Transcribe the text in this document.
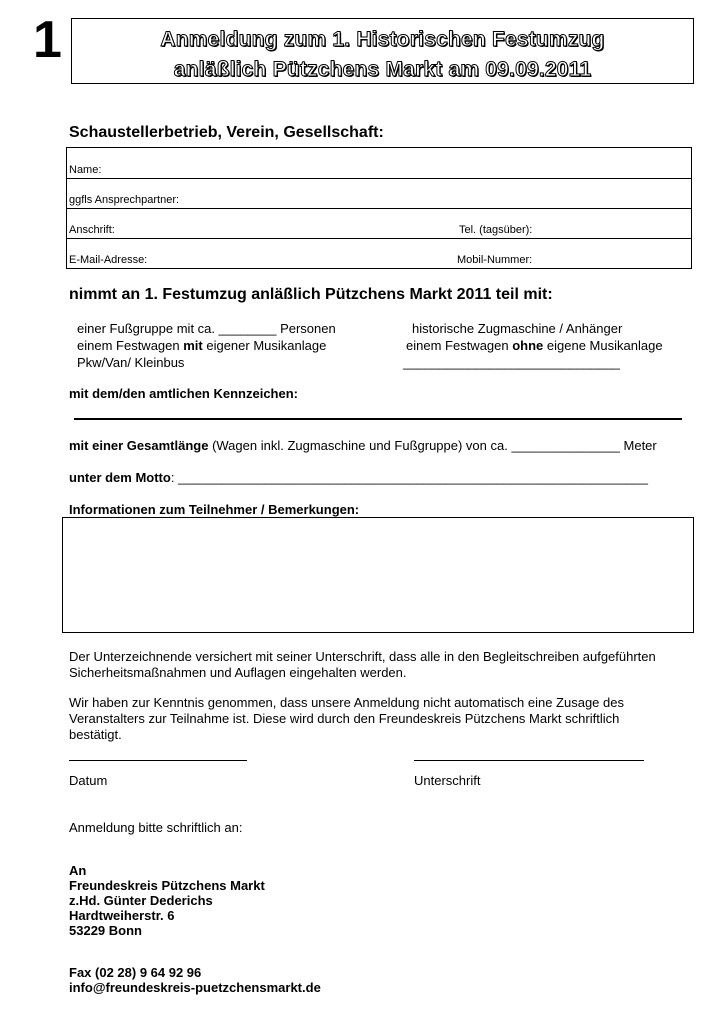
1	Anmeldung zum 1. Historischen Festumzug
anläßlich Pützchens Markt am 09.09.2011
Schaustellerbetrieb, Verein, Gesellschaft:
Name:
ggfls Ansprechpartner:
Anschrift:	Tel. (tagsüber):
E-Mail-Adresse:	Mobil-Nummer:
nimmt an 1. Festumzug anläßlich Pützchens Markt 2011 teil mit:
einer Fußgruppe mit ca. ________ Personen	historische Zugmaschine / Anhänger
einem Festwagen mit eigener Musikanlage	einem Festwagen ohne eigene Musikanlage
Pkw/Van/ Kleinbus	______________________________
mit dem/den amtlichen Kennzeichen:
mit einer Gesamtlänge (Wagen inkl. Zugmaschine und Fußgruppe) von ca. _______________ Meter
unter dem Motto: _________________________________________________________________
Informationen zum Teilnehmer / Bemerkungen:
Der Unterzeichnende versichert mit seiner Unterschrift, dass alle in den Begleitschreiben aufgeführten
Sicherheitsmaßnahmen und Auflagen eingehalten werden.
Wir haben zur Kenntnis genommen, dass unsere Anmeldung nicht automatisch eine Zusage des
Veranstalters zur Teilnahme ist. Diese wird durch den Freundeskreis Pützchens Markt schriftlich
bestätigt.
Datum	Unterschrift
Anmeldung bitte schriftlich an:
An
Freundeskreis Pützchens Markt
z.Hd. Günter Dederichs
Hardtweiherstr. 6
53229 Bonn
Fax (02 28) 9 64 92 96
info@freundeskreis-puetzchensmarkt.de
